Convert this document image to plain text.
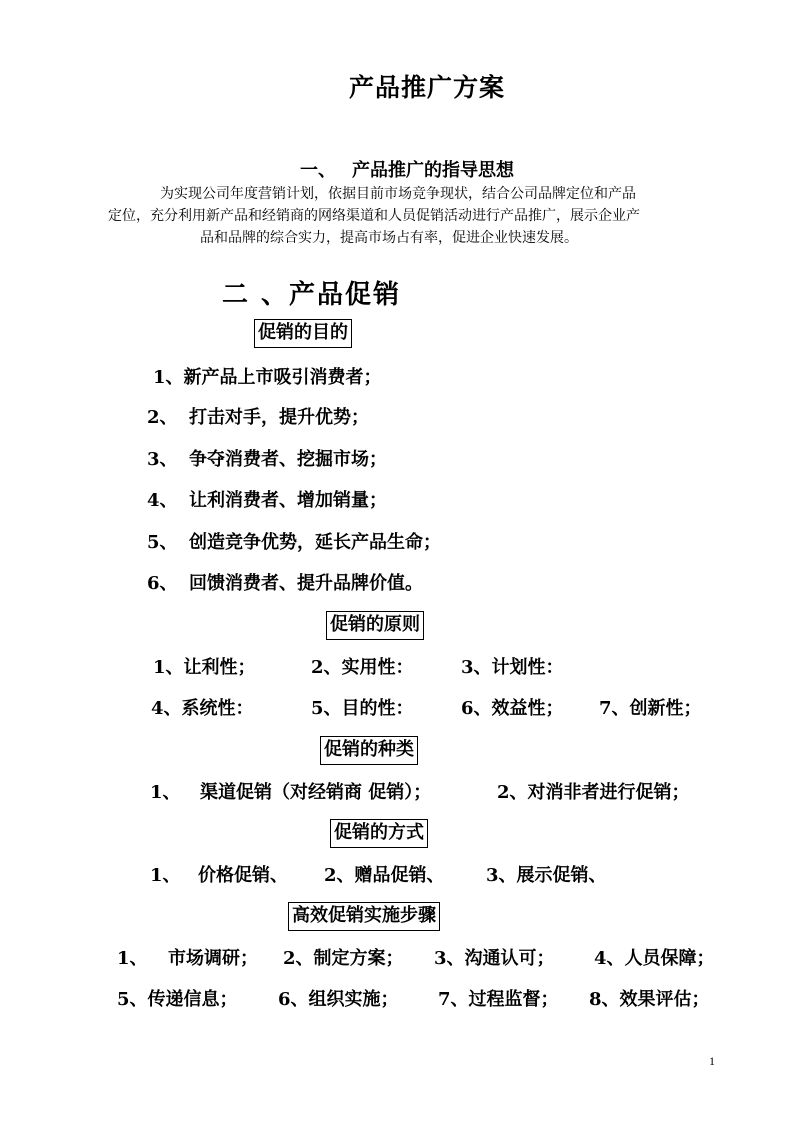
产品推广方案
一、 产品推广的指导思想
为实现公司年度营销计划，依据目前市场竞争现状，结合公司品牌定位和产品
定位，充分利用新产品和经销商的网络渠道和人员促销活动进行产品推广，展示企业产
品和品牌的综合实力，提高市场占有率，促进企业快速发展。
二 、产品促销
促销的目的
1、新产品上市吸引消费者；
2、 打击对手，提升优势；
3、 争夺消费者、挖掘市场；
4、 让利消费者、增加销量；
5、 创造竞争优势，延长产品生命；
6、 回馈消费者、提升品牌价值。
促销的原则
1、让利性；	2、实用性：	3、计划性：
4、系统性：	5、目的性：	6、效益性； 7、创新性；
促销的种类
1、 渠道促销（对经销商 促销）；	2、对消非者进行促销；
促销的方式
1、 价格促销、 2、赠品促销、 3、展示促销、
高效促销实施步骤
1、 市场调研； 2、制定方案； 3、沟通认可； 4、人员保障；
5、传递信息； 6、组织实施； 7、过程监督； 8、效果评估；
1
